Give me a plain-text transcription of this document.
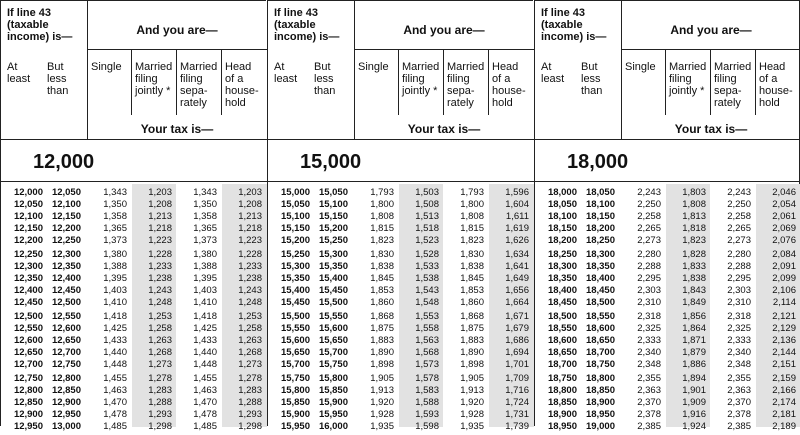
If line 43 (taxable income) is—	And you are—
At least
But less than
Single	Married filing jointly *
Married filing sepa- rately
Head of a house- hold
Your tax is—
12,000
12,000 12,050	1,343	1,203	1,343	1,203
12,050 12,100	1,350	1,208	1,350	1,208
12,100 12,150	1,358	1,213	1,358	1,213
12,150 12,200	1,365	1,218	1,365	1,218
12,200 12,250	1,373	1,223	1,373	1,223
12,250 12,300	1,380	1,228	1,380	1,228
12,300 12,350	1,388	1,233	1,388	1,233
12,350 12,400	1,395	1,238	1,395	1,238
12,400 12,450	1,403	1,243	1,403	1,243
12,450 12,500	1,410	1,248	1,410	1,248
12,500 12,550	1,418	1,253	1,418	1,253
12,550 12,600	1,425	1,258	1,425	1,258
12,600 12,650	1,433	1,263	1,433	1,263
12,650 12,700	1,440	1,268	1,440	1,268
12,700 12,750	1,448	1,273	1,448	1,273
12,750 12,800	1,455	1,278	1,455	1,278
12,800 12,850	1,463	1,283	1,463	1,283
12,850 12,900	1,470	1,288	1,470	1,288
12,900 12,950	1,478	1,293	1,478	1,293
12,950 13,000	1,485	1,298	1,485	1,298
If line 43 (taxable income) is—	And you are—
At least
But less than
Single	Married filing jointly *
Married filing sepa- rately
Head of a house- hold
Your tax is—
15,000
15,000 15,050	1,793	1,503	1,793	1,596
15,050 15,100	1,800	1,508	1,800	1,604
15,100 15,150	1,808	1,513	1,808	1,611
15,150 15,200	1,815	1,518	1,815	1,619
15,200 15,250	1,823	1,523	1,823	1,626
15,250 15,300	1,830	1,528	1,830	1,634
15,300 15,350	1,838	1,533	1,838	1,641
15,350 15,400	1,845	1,538	1,845	1,649
15,400 15,450	1,853	1,543	1,853	1,656
15,450 15,500	1,860	1,548	1,860	1,664
15,500 15,550	1,868	1,553	1,868	1,671
15,550 15,600	1,875	1,558	1,875	1,679
15,600 15,650	1,883	1,563	1,883	1,686
15,650 15,700	1,890	1,568	1,890	1,694
15,700 15,750	1,898	1,573	1,898	1,701
15,750 15,800	1,905	1,578	1,905	1,709
15,800 15,850	1,913	1,583	1,913	1,716
15,850 15,900	1,920	1,588	1,920	1,724
15,900 15,950	1,928	1,593	1,928	1,731
15,950 16,000	1,935	1,598	1,935	1,739
If line 43 (taxable income) is—	And you are—
At least
But less than
Single	Married filing jointly *
Married filing sepa- rately
Head of a house- hold
Your tax is—
18,000
18,000 18,050	2,243	1,803	2,243	2,046
18,050 18,100	2,250	1,808	2,250	2,054
18,100 18,150	2,258	1,813	2,258	2,061
18,150 18,200	2,265	1,818	2,265	2,069
18,200 18,250	2,273	1,823	2,273	2,076
18,250 18,300	2,280	1,828	2,280	2,084
18,300 18,350	2,288	1,833	2,288	2,091
18,350 18,400	2,295	1,838	2,295	2,099
18,400 18,450	2,303	1,843	2,303	2,106
18,450 18,500	2,310	1,849	2,310	2,114
18,500 18,550	2,318	1,856	2,318	2,121
18,550 18,600	2,325	1,864	2,325	2,129
18,600 18,650	2,333	1,871	2,333	2,136
18,650 18,700	2,340	1,879	2,340	2,144
18,700 18,750	2,348	1,886	2,348	2,151
18,750 18,800	2,355	1,894	2,355	2,159
18,800 18,850	2,363	1,901	2,363	2,166
18,850 18,900	2,370	1,909	2,370	2,174
18,900 18,950	2,378	1,916	2,378	2,181
18,950 19,000	2,385	1,924	2,385	2,189
